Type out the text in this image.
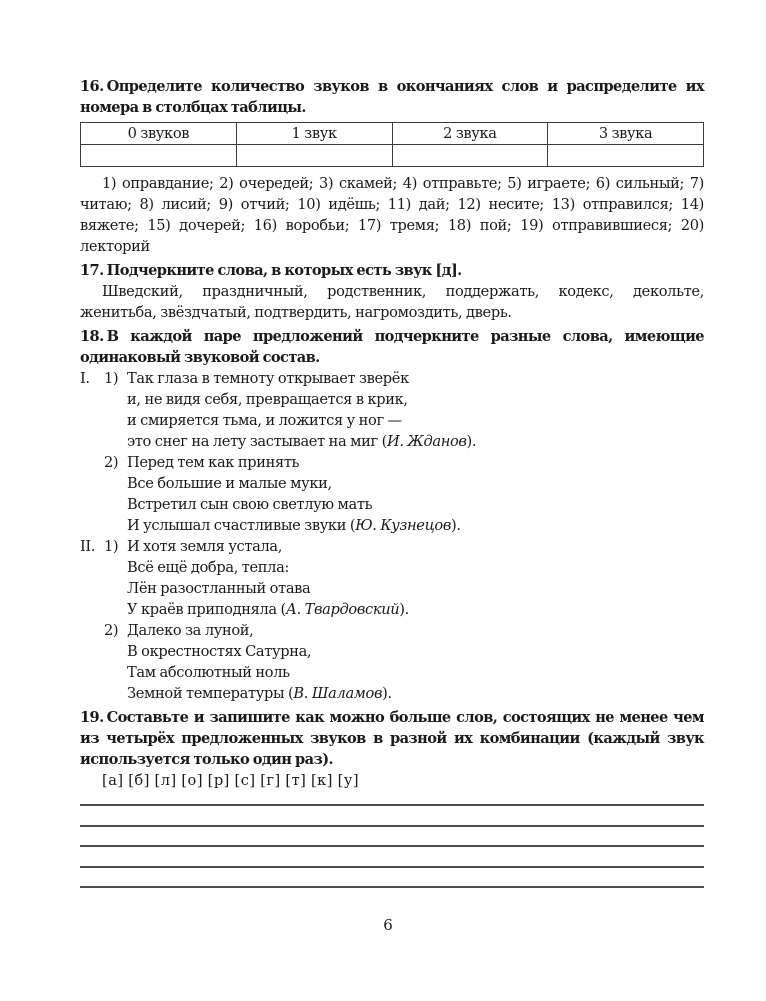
16. Определите количество звуков в окончаниях слов и распределите их номера в столбцах таблицы.

0 звуков	1 звук	2 звука	3 звука

1) оправдание; 2) очередей; 3) скамей; 4) отправьте; 5) играете; 6) сильный; 7) читаю; 8) лисий; 9) отчий; 10) идёшь; 11) дай; 12) несите; 13) отправился; 14) вяжете; 15) дочерей; 16) воробьи; 17) тремя; 18) пой; 19) отправившиеся; 20) лекторий

17. Подчеркните слова, в которых есть звук [д].

Шведский, праздничный, родственник, поддержать, кодекс, декольте, женитьба, звёздчатый, подтвердить, нагромоздить, дверь.

18. В каждой паре предложений подчеркните разные слова, имеющие одинаковый звуковой состав.

I. 1) Так глаза в темноту открывает зверёк
и, не видя себя, превращается в крик,
и смиряется тьма, и ложится у ног —
это снег на лету застывает на миг (И. Жданов).
2) Перед тем как принять
Все большие и малые муки,
Встретил сын свою светлую мать
И услышал счастливые звуки (Ю. Кузнецов).
II. 1) И хотя земля устала,
Всё ещё добра, тепла:
Лён разостланный отава
У краёв приподняла (А. Твардовский).
2) Далеко за луной,
В окрестностях Сатурна,
Там абсолютный ноль
Земной температуры (В. Шаламов).

19. Составьте и запишите как можно больше слов, состоящих не менее чем из четырёх предложенных звуков в разной их комбинации (каждый звук используется только один раз).

[а] [б] [л] [о] [р] [с] [г] [т] [к] [у]

6
